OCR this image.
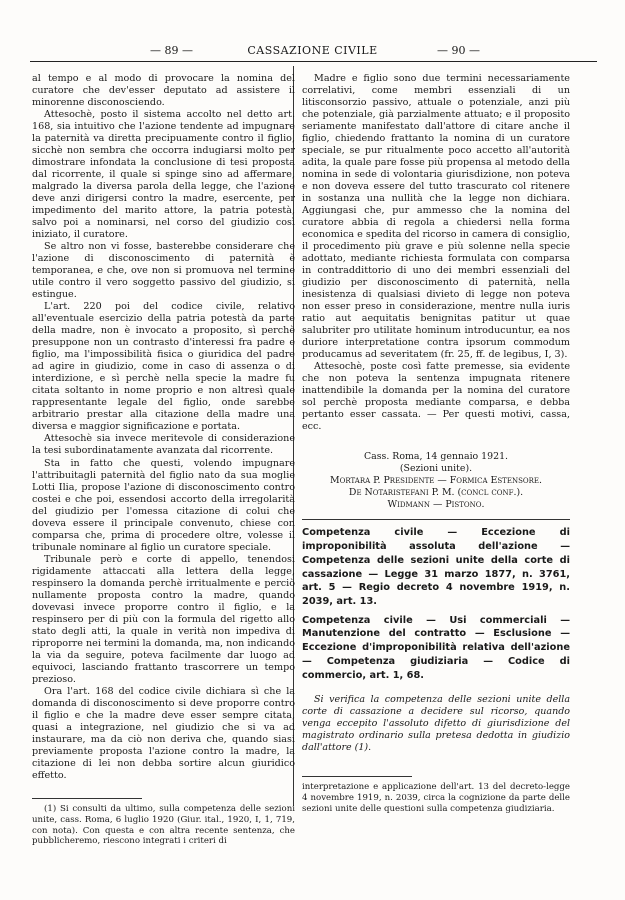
— 89 —	CASSAZIONE CIVILE	— 90 —

al tempo e al modo di provocare la nomina del curatore che dev'esser deputato ad assistere il minorenne disconosciendo.

Attesochè, posto il sistema accolto nel detto art. 168, sia intuitivo che l'azione tendente ad impugnare la paternità va diretta precipuamente contro il figlio, sicchè non sembra che occorra indugiarsi molto per dimostrare infondata la conclusione di tesi proposta dal ricorrente, il quale si spinge sino ad affermare, malgrado la diversa parola della legge, che l'azione deve anzi dirigersi contro la madre, esercente, per impedimento del marito attore, la patria potestà, salvo poi a nominarsi, nel corso del giudizio così iniziato, il curatore.

Se altro non vi fosse, basterebbe considerare che l'azione di disconoscimento di paternità è temporanea, e che, ove non si promuova nel termine utile contro il vero soggetto passivo del giudizio, si estingue.

L'art. 220 poi del codice civile, relativo all'eventuale esercizio della patria potestà da parte della madre, non è invocato a proposito, sì perchè presuppone non un contrasto d'interessi fra padre e figlio, ma l'impossibilità fisica o giuridica del padre ad agire in giudizio, come in caso di assenza o di interdizione, e sì perchè nella specie la madre fu citata soltanto in nome proprio e non altresì quale rappresentante legale del figlio, onde sarebbe arbitrario prestar alla citazione della madre una diversa e maggior significazione e portata.

Attesochè sia invece meritevole di considerazione la tesi subordinatamente avanzata dal ricorrente.

Sta in fatto che questi, volendo impugnare l'attribuitagli paternità del figlio nato da sua moglie Lotti Ilia, propose l'azione di disconoscimento contro costei e che poi, essendosi accorto della irregolarità del giudizio per l'omessa citazione di colui che doveva essere il principale convenuto, chiese con comparsa che, prima di procedere oltre, volesse il tribunale nominare al figlio un curatore speciale.

Tribunale però e corte di appello, tenendosi rigidamente attaccati alla lettera della legge, respinsero la domanda perchè irritualmente e perciò nullamente proposta contro la madre, quando dovevasi invece proporre contro il figlio, e la respinsero per di più con la formula del rigetto allo stato degli atti, la quale in verità non impediva di riproporre nei termini la domanda, ma, non indicando la via da seguire, poteva facilmente dar luogo ad equivoci, lasciando frattanto trascorrere un tempo prezioso.

Ora l'art. 168 del codice civile dichiara sì che la domanda di disconoscimento si deve proporre contro il figlio e che la madre deve esser sempre citata, quasi a integrazione, nel giudizio che si va ad instaurare, ma da ciò non deriva che, quando siasi previamente proposta l'azione contro la madre, la citazione di lei non debba sortire alcun giuridico effetto.

(1) Si consulti da ultimo, sulla competenza delle sezioni unite, cass. Roma, 6 luglio 1920 (Giur. ital., 1920, I, 1, 719, con nota). Con questa e con altra recente sentenza, che pubblicheremo, riescono integrati i criteri di

Madre e figlio sono due termini necessariamente correlativi, come membri essenziali di un litisconsorzio passivo, attuale o potenziale, anzi più che potenziale, già parzialmente attuato; e il proposito seriamente manifestato dall'attore di citare anche il figlio, chiedendo frattanto la nomina di un curatore speciale, se pur ritualmente poco accetto all'autorità adita, la quale pare fosse più propensa al metodo della nomina in sede di volontaria giurisdizione, non poteva e non doveva essere del tutto trascurato col ritenere in sostanza una nullità che la legge non dichiara. Aggiungasi che, pur ammesso che la nomina del curatore abbia di regola a chiedersi nella forma economica e spedita del ricorso in camera di consiglio, il procedimento più grave e più solenne nella specie adottato, mediante richiesta formulata con comparsa in contraddittorio di uno dei membri essenziali del giudizio per disconoscimento di paternità, nella inesistenza di qualsiasi divieto di legge non poteva non esser preso in considerazione, mentre nulla iuris ratio aut aequitatis benignitas patitur ut quae salubriter pro utilitate hominum introducuntur, ea nos duriore interpretatione contra ipsorum commodum producamus ad severitatem (fr. 25, ff. de legibus, I, 3).

Attesochè, poste così fatte premesse, sia evidente che non poteva la sentenza impugnata ritenere inattendibile la domanda per la nomina del curatore sol perchè proposta mediante comparsa, e debba pertanto esser cassata. — Per questi motivi, cassa, ecc.

Cass. Roma, 14 gennaio 1921.

(Sezioni unite).

Mortara P. Presidente — Formica Estensore.

De Notaristefani P. M. (concl conf.).

Widmann — Pistono.

Competenza civile — Eccezione di improponibilità assoluta dell'azione — Competenza delle sezioni unite della corte di cassazione — Legge 31 marzo 1877, n. 3761, art. 5 — Regio decreto 4 novembre 1919, n. 2039, art. 13.

Competenza civile — Usi commerciali — Manutenzione del contratto — Esclusione — Eccezione d'improponibilità relativa dell'azione — Competenza giudiziaria — Codice di commercio, art. 1, 68.

Si verifica la competenza delle sezioni unite della corte di cassazione a decidere sul ricorso, quando venga eccepito l'assoluto difetto di giurisdizione del magistrato ordinario sulla pretesa dedotta in giudizio dall'attore (1).

interpretazione e applicazione dell'art. 13 del decreto-legge 4 novembre 1919, n. 2039, circa la cognizione da parte delle sezioni unite delle questioni sulla competenza giudiziaria.
